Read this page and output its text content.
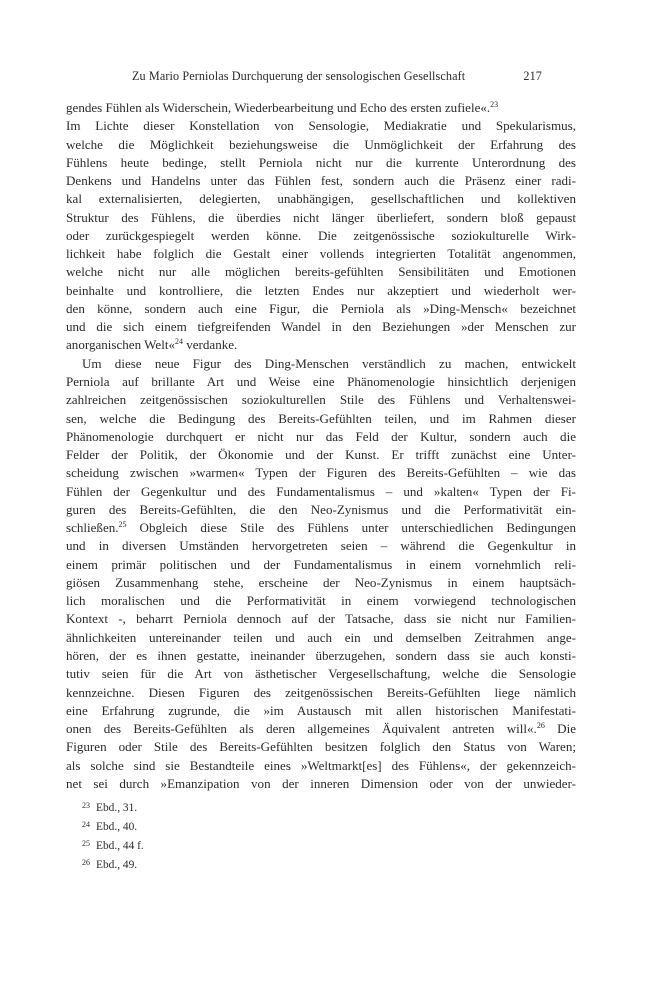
Zu Mario Perniolas Durchquerung der sensologischen Gesellschaft	217
gendes Fühlen als Widerschein, Wiederbearbeitung und Echo des ersten zufiele«.$^{23}$
Im Lichte dieser Konstellation von Sensologie, Mediakratie und Spekularismus,
welche die Möglichkeit beziehungsweise die Unmöglichkeit der Erfahrung des
Fühlens heute bedinge, stellt Perniola nicht nur die kurrente Unterordnung des
Denkens und Handelns unter das Fühlen fest, sondern auch die Präsenz einer radi-
kal externalisierten, delegierten, unabhängigen, gesellschaftlichen und kollektiven
Struktur des Fühlens, die überdies nicht länger überliefert, sondern bloß gepaust
oder zurückgespiegelt werden könne. Die zeitgenössische soziokulturelle Wirk-
lichkeit habe folglich die Gestalt einer vollends integrierten Totalität angenommen,
welche nicht nur alle möglichen bereits-gefühlten Sensibilitäten und Emotionen
beinhalte und kontrolliere, die letzten Endes nur akzeptiert und wiederholt wer-
den könne, sondern auch eine Figur, die Perniola als »Ding-Mensch« bezeichnet
und die sich einem tiefgreifenden Wandel in den Beziehungen »der Menschen zur
anorganischen Welt«$^{24}$ verdanke.
Um diese neue Figur des Ding-Menschen verständlich zu machen, entwickelt
Perniola auf brillante Art und Weise eine Phänomenologie hinsichtlich derjenigen
zahlreichen zeitgenössischen soziokulturellen Stile des Fühlens und Verhaltenswei-
sen, welche die Bedingung des Bereits-Gefühlten teilen, und im Rahmen dieser
Phänomenologie durchquert er nicht nur das Feld der Kultur, sondern auch die
Felder der Politik, der Ökonomie und der Kunst. Er trifft zunächst eine Unter-
scheidung zwischen »warmen« Typen der Figuren des Bereits-Gefühlten – wie das
Fühlen der Gegenkultur und des Fundamentalismus – und »kalten« Typen der Fi-
guren des Bereits-Gefühlten, die den Neo-Zynismus und die Performativität ein-
schließen.$^{25}$ Obgleich diese Stile des Fühlens unter unterschiedlichen Bedingungen
und in diversen Umständen hervorgetreten seien – während die Gegenkultur in
einem primär politischen und der Fundamentalismus in einem vornehmlich reli-
giösen Zusammenhang stehe, erscheine der Neo-Zynismus in einem hauptsäch-
lich moralischen und die Performativität in einem vorwiegend technologischen
Kontext -, beharrt Perniola dennoch auf der Tatsache, dass sie nicht nur Familien-
ähnlichkeiten untereinander teilen und auch ein und demselben Zeitrahmen ange-
hören, der es ihnen gestatte, ineinander überzugehen, sondern dass sie auch konsti-
tutiv seien für die Art von ästhetischer Vergesellschaftung, welche die Sensologie
kennzeichne. Diesen Figuren des zeitgenössischen Bereits-Gefühlten liege nämlich
eine Erfahrung zugrunde, die »im Austausch mit allen historischen Manifestati-
onen des Bereits-Gefühlten als deren allgemeines Äquivalent antreten will«.$^{26}$ Die
Figuren oder Stile des Bereits-Gefühlten besitzen folglich den Status von Waren;
als solche sind sie Bestandteile eines »Weltmarkt[es] des Fühlens«, der gekennzeich-
net sei durch »Emanzipation von der inneren Dimension oder von der unwieder-
23 Ebd., 31.
24 Ebd., 40.
25 Ebd., 44 f.
26 Ebd., 49.
